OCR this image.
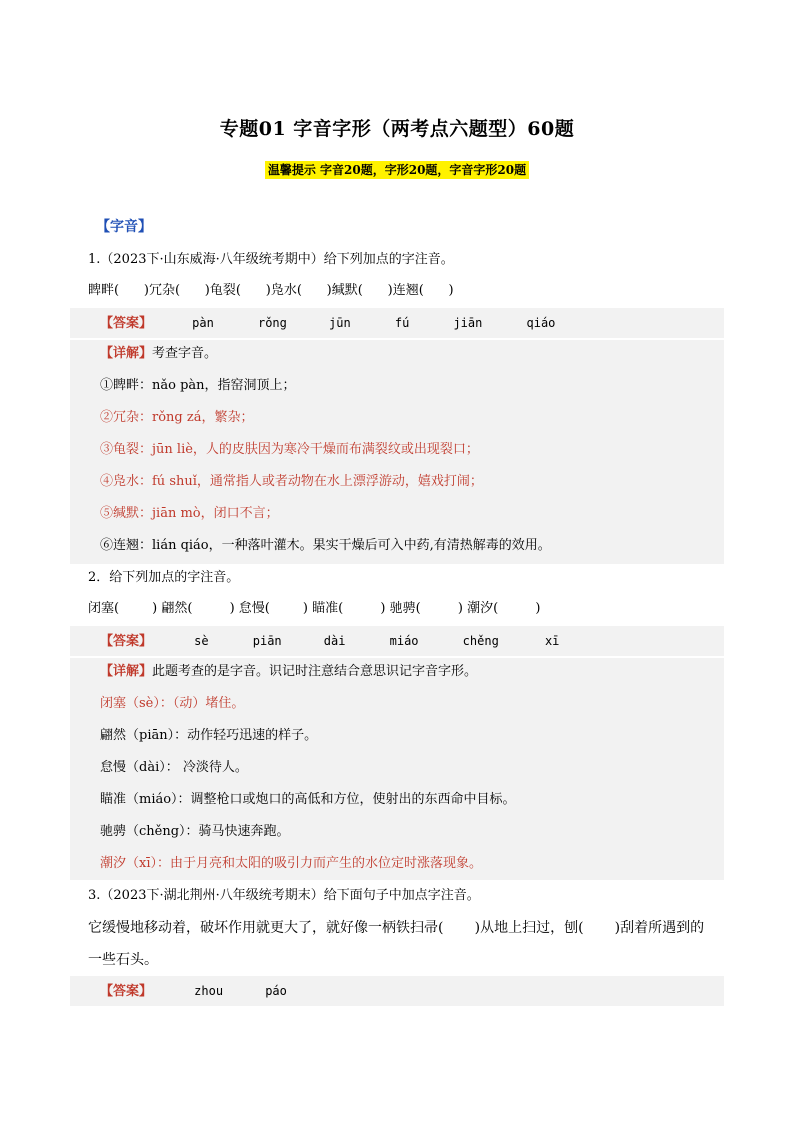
专题01 字音字形（两考点六题型）60题
温馨提示 字音20题，字形20题，字音字形20题
【字音】
1.（2023下·山东威海·八年级统考期中）给下列加点的字注音。
睥畔(      )冗杂(      )龟裂(      )凫水(      )缄默(      )连翘(      )
【答案】	pàn	rǒng	jūn	fú	jiān	qiáo
【详解】考查字音。
①睥畔：nǎo pàn，指窑洞顶上；
②冗杂：rǒng zá，繁杂；
③龟裂：jūn liè，人的皮肤因为寒冷干燥而布满裂纹或出现裂口；
④凫水：fú shuǐ，通常指人或者动物在水上漂浮游动，嬉戏打闹；
⑤缄默：jiān mò，闭口不言；
⑥连翘：lián qiáo，一种落叶灌木。果实干燥后可入中药,有清热解毒的效用。
2．给下列加点的字注音。
闭塞(        ) 翩然(         ) 怠慢(        ) 瞄准(         ) 驰骋(         ) 潮汐(         )
【答案】	sè	piān	dài	miáo	chěng	xī
【详解】此题考查的是字音。识记时注意结合意思识记字音字形。
闭塞（sè）：（动）堵住。
翩然（piān）：动作轻巧迅速的样子。
怠慢（dài）： 冷淡待人。
瞄准（miáo）：调整枪口或炮口的高低和方位，使射出的东西命中目标。
驰骋（chěng）：骑马快速奔跑。
潮汐（xī）：由于月亮和太阳的吸引力而产生的水位定时涨落现象。
3.（2023下·湖北荆州·八年级统考期末）给下面句子中加点字注音。
它缓慢地移动着，破坏作用就更大了，就好像一柄铁扫帚(       )从地上扫过，刨(       )刮着所遇到的一些石头。
【答案】	zhou	páo
